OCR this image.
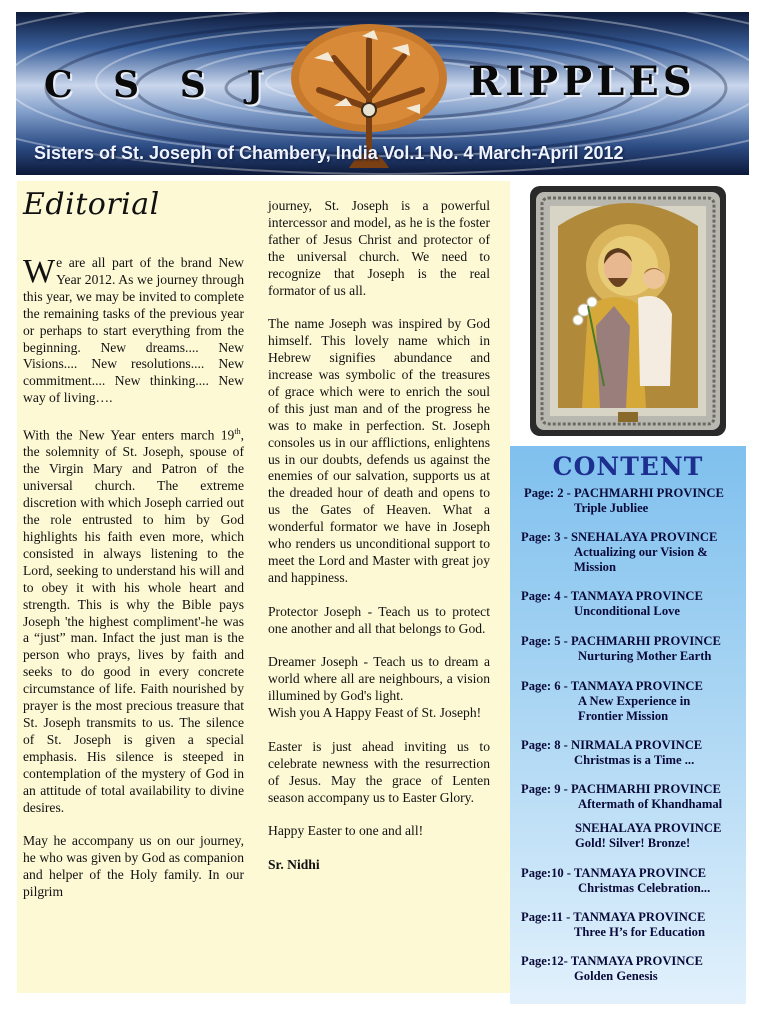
C S S J	RIPPLES
Sisters of St. Joseph of Chambery, India Vol.1 No. 4 March-April 2012
Editorial

We are all part of the brand New Year 2012. As we journey through this year, we may be invited to complete the remaining tasks of the previous year or perhaps to start everything from the beginning. New dreams.... New Visions.... New resolutions.... New commitment.... New thinking.... New way of living….

With the New Year enters march 19th, the solemnity of St. Joseph, spouse of the Virgin Mary and Patron of the universal church. The extreme discretion with which Joseph carried out the role entrusted to him by God highlights his faith even more, which consisted in always listening to the Lord, seeking to understand his will and to obey it with his whole heart and strength. This is why the Bible pays Joseph 'the highest compliment'-he was a “just” man. Infact the just man is the person who prays, lives by faith and seeks to do good in every concrete circumstance of life. Faith nourished by prayer is the most precious treasure that St. Joseph transmits to us. The silence of St. Joseph is given a special emphasis. His silence is steeped in contemplation of the mystery of God in an attitude of total availability to divine desires.

May he accompany us on our journey, he who was given by God as companion and helper of the Holy family. In our pilgrim

journey, St. Joseph is a powerful intercessor and model, as he is the foster father of Jesus Christ and protector of the universal church. We need to recognize that Joseph is the real formator of us all.

The name Joseph was inspired by God himself. This lovely name which in Hebrew signifies abundance and increase was symbolic of the treasures of grace which were to enrich the soul of this just man and of the progress he was to make in perfection. St. Joseph consoles us in our afflictions, enlightens us in our doubts, defends us against the enemies of our salvation, supports us at the dreaded hour of death and opens to us the Gates of Heaven. What a wonderful formator we have in Joseph who renders us unconditional support to meet the Lord and Master with great joy and happiness.

Protector Joseph - Teach us to protect one another and all that belongs to God.

Dreamer Joseph - Teach us to dream a world where all are neighbours, a vision illumined by God's light.

Wish you A Happy Feast of St. Joseph!

Easter is just ahead inviting us to celebrate newness with the resurrection of Jesus. May the grace of Lenten season accompany us to Easter Glory.

Happy Easter to one and all!

Sr. Nidhi

CONTENT
Page: 2 - PACHMARHI PROVINCE
Triple Jubliee
Page: 3 - SNEHALAYA PROVINCE
Actualizing our Vision &
Mission
Page: 4 - TANMAYA PROVINCE
Unconditional Love
Page: 5 - PACHMARHI PROVINCE
Nurturing Mother Earth
Page: 6 - TANMAYA PROVINCE
A New Experience in
Frontier Mission
Page: 8 - NIRMALA PROVINCE
Christmas is a Time ...
Page: 9 - PACHMARHI PROVINCE
Aftermath of Khandhamal
SNEHALAYA PROVINCE
Gold! Silver! Bronze!
Page:10 - TANMAYA PROVINCE
Christmas Celebration...
Page:11 - TANMAYA PROVINCE
Three H’s for Education
Page:12- TANMAYA PROVINCE
Golden Genesis
